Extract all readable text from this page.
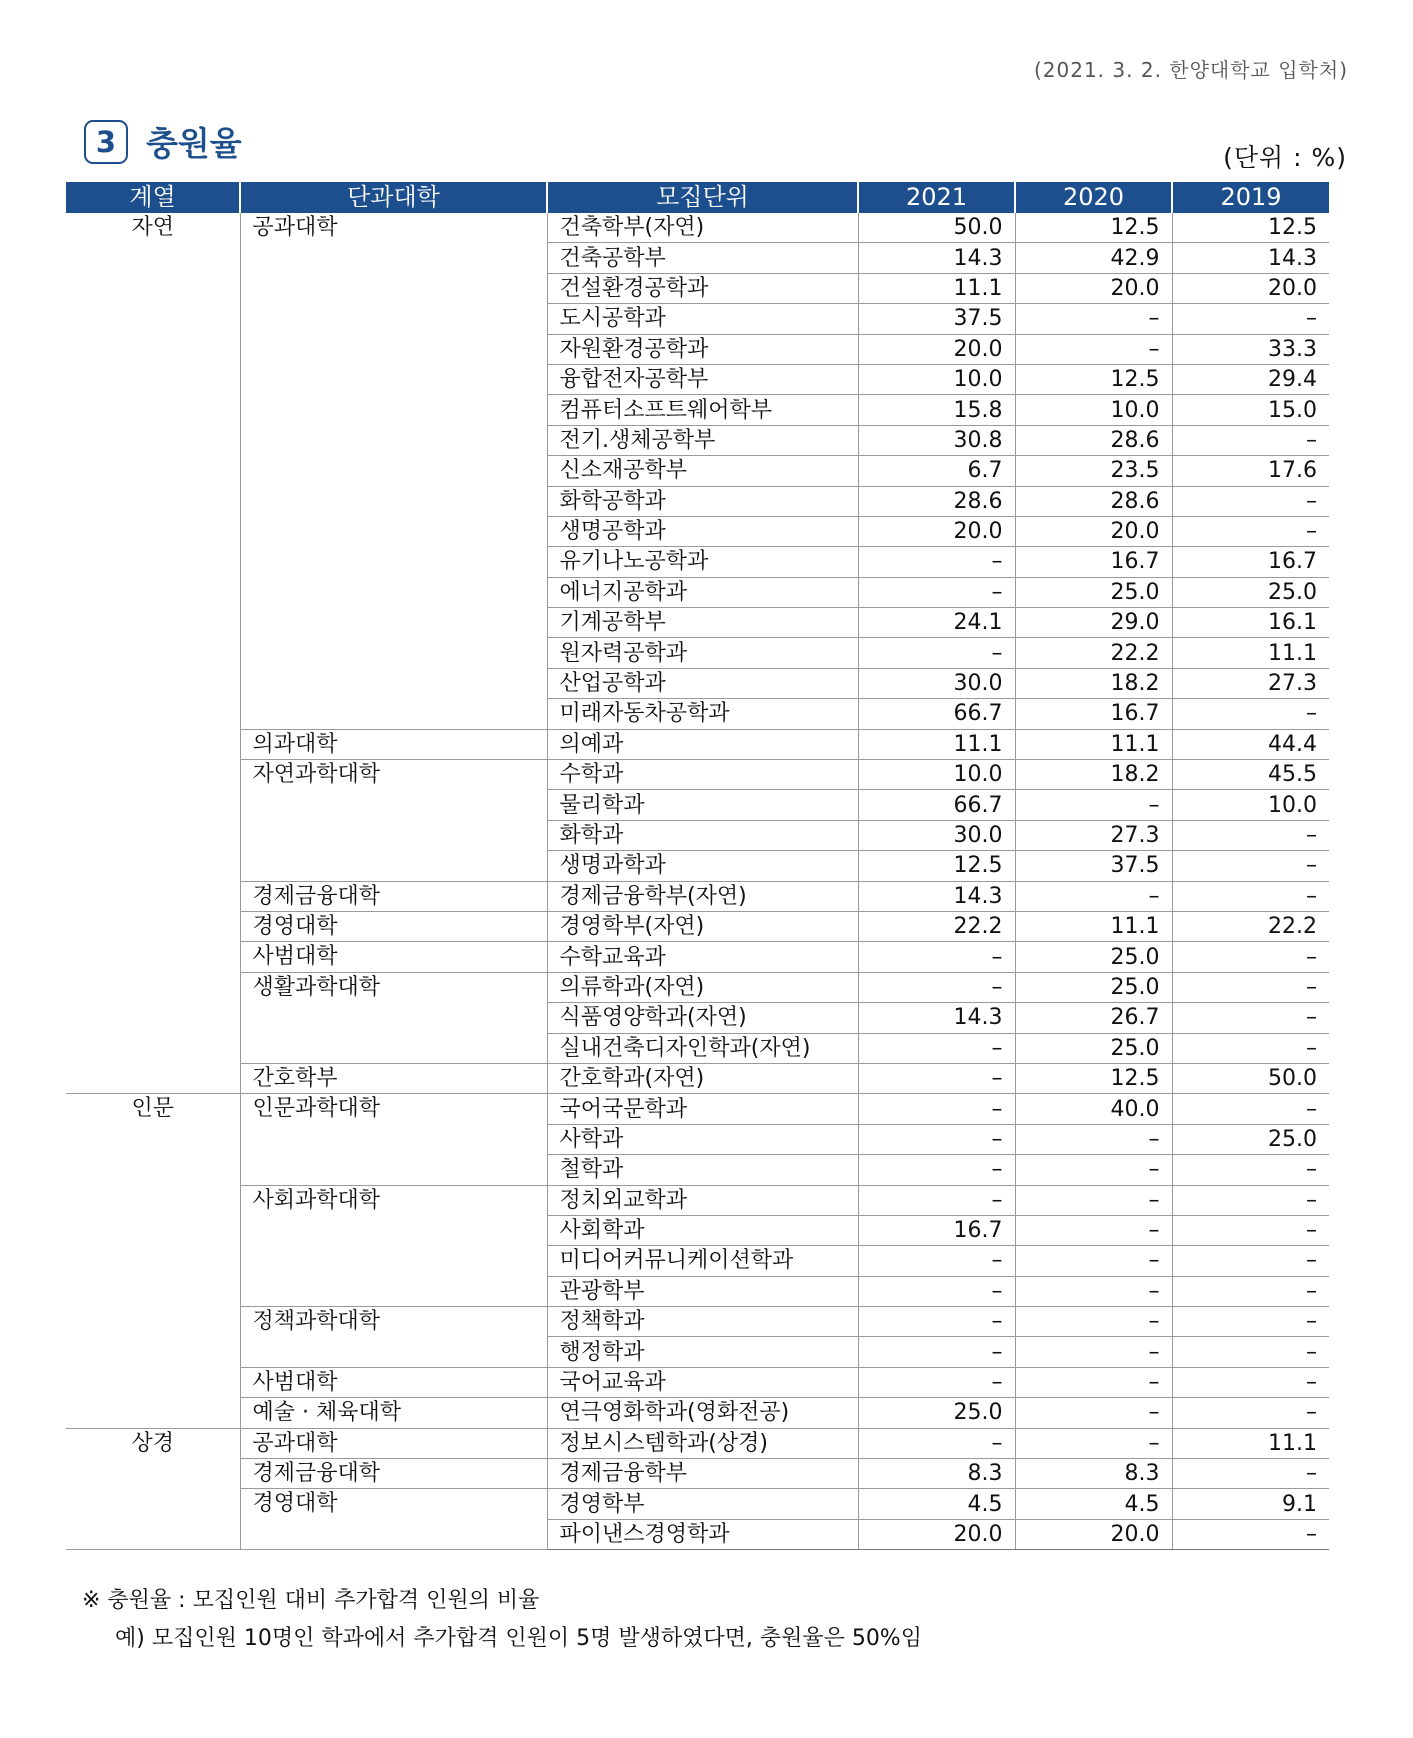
(2021. 3. 2. 한양대학교 입학처)
3 충원율	(단위 : %)
계열	단과대학	모집단위	2021	2020	2019
자연	공과대학	건축학부(자연)	50.0	12.5	12.5
		건축공학부	14.3	42.9	14.3
		건설환경공학과	11.1	20.0	20.0
		도시공학과	37.5	–	–
		자원환경공학과	20.0	–	33.3
		융합전자공학부	10.0	12.5	29.4
		컴퓨터소프트웨어학부	15.8	10.0	15.0
		전기.생체공학부	30.8	28.6	–
		신소재공학부	6.7	23.5	17.6
		화학공학과	28.6	28.6	–
		생명공학과	20.0	20.0	–
		유기나노공학과	–	16.7	16.7
		에너지공학과	–	25.0	25.0
		기계공학부	24.1	29.0	16.1
		원자력공학과	–	22.2	11.1
		산업공학과	30.0	18.2	27.3
		미래자동차공학과	66.7	16.7	–
	의과대학	의예과	11.1	11.1	44.4
	자연과학대학	수학과	10.0	18.2	45.5
		물리학과	66.7	–	10.0
		화학과	30.0	27.3	–
		생명과학과	12.5	37.5	–
	경제금융대학	경제금융학부(자연)	14.3	–	–
	경영대학	경영학부(자연)	22.2	11.1	22.2
	사범대학	수학교육과	–	25.0	–
	생활과학대학	의류학과(자연)	–	25.0	–
		식품영양학과(자연)	14.3	26.7	–
		실내건축디자인학과(자연)	–	25.0	–
	간호학부	간호학과(자연)	–	12.5	50.0
인문	인문과학대학	국어국문학과	–	40.0	–
		사학과	–	–	25.0
		철학과	–	–	–
	사회과학대학	정치외교학과	–	–	–
		사회학과	16.7	–	–
		미디어커뮤니케이션학과	–	–	–
		관광학부	–	–	–
	정책과학대학	정책학과	–	–	–
		행정학과	–	–	–
	사범대학	국어교육과	–	–	–
	예술 · 체육대학	연극영화학과(영화전공)	25.0	–	–
상경	공과대학	정보시스템학과(상경)	–	–	11.1
	경제금융대학	경제금융학부	8.3	8.3	–
	경영대학	경영학부	4.5	4.5	9.1
		파이낸스경영학과	20.0	20.0	–
※ 충원율 : 모집인원 대비 추가합격 인원의 비율
예) 모집인원 10명인 학과에서 추가합격 인원이 5명 발생하였다면, 충원율은 50%임
